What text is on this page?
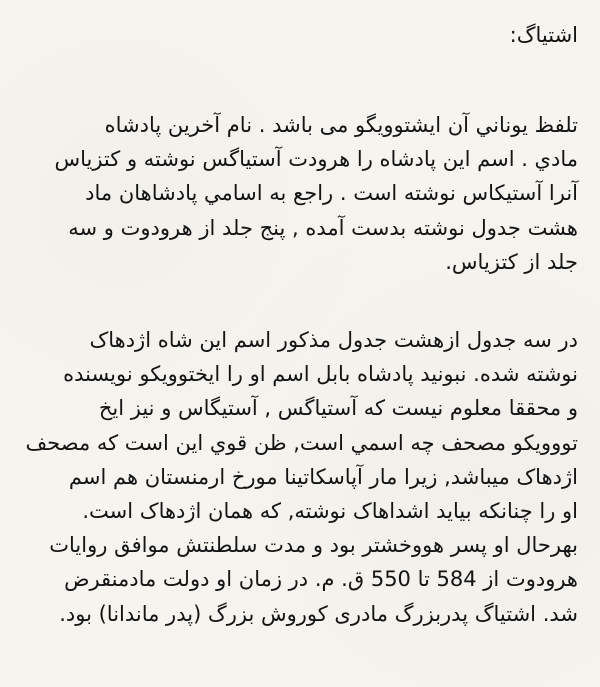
اشتیاگ:
تلفظ يوناني آن ایشتوويگو می باشد . نام آخرين پادشاه
مادي . اسم این پادشاه را هرودت آستیاگس نوشته و كتزياس
آنرا آستيكاس نوشته است . راجع به اسامي پادشاهان ماد
هشت جدول نوشته بدست آمده , پنج جلد از هرودوت و سه
جلد از كتزياس.
در سه جدول ازهشت جدول مذكور اسم این شاه اژدهاک
نوشته شده. نبونيد پادشاه بابل اسم او را ايختوويكو نويسنده
و محققا معلوم نيست كه آستياگس , آستيگاس و نيز ايخ
تووويكو مصحف چه اسمي است, ظن قوي اين است كه مصحف
اژدهاک میباشد, زیرا مار آپاسكاتينا مورخ ارمنستان هم اسم
او را چنانکه بیاید اشداهاک نوشته, كه همان اژدهاک است.
بهرحال او پسر هووخشتر بود و مدت سلطنتش موافق روايات
هرودوت از 584 تا 550 ق. م. در زمان او دولت مادمنقرض
شد. اشتیاگ پدربزرگ مادری کوروش بزرگ (پدر ماندانا) بود.
